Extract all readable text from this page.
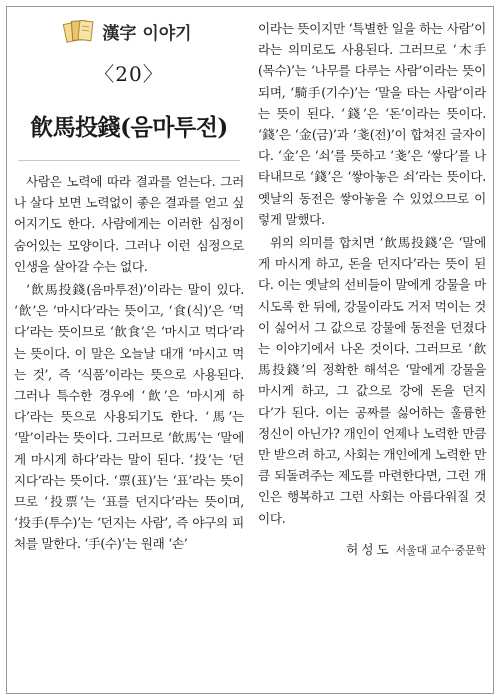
漢字 이야기
〈20〉
飮馬投錢(음마투전)

사람은 노력에 따라 결과를 얻는다. 그러나 살다 보면 노력없이 좋은 결과를 얻고 싶어지기도 한다. 사람에게는 이러한 심정이 숨어있는 모양이다. 그러나 이런 심정으로 인생을 살아갈 수는 없다.

‘飮馬投錢(음마투전)’이라는 말이 있다. ‘飮’은 ‘마시다’라는 뜻이고, ‘食(식)’은 ‘먹다’라는 뜻이므로 ‘飮食’은 ‘마시고 먹다’라는 뜻이다. 이 말은 오늘날 대개 ‘마시고 먹는 것’, 즉 ‘식품’이라는 뜻으로 사용된다. 그러나 특수한 경우에 ‘飮’은 ‘마시게 하다’라는 뜻으로 사용되기도 한다. ‘馬’는 ‘말’이라는 뜻이다. 그러므로 ‘飮馬’는 ‘말에게 마시게 하다’라는 말이 된다. ‘投’는 ‘던지다’라는 뜻이다. ‘票(표)’는 ‘표’라는 뜻이므로 ‘投票’는 ‘표를 던지다’라는 뜻이며, ‘投手(투수)’는 ‘던지는 사람’, 즉 야구의 피처를 말한다. ‘手(수)’는 원래 ‘손’

이라는 뜻이지만 ‘특별한 일을 하는 사람’이라는 의미로도 사용된다. 그러므로 ‘木手(목수)’는 ‘나무를 다루는 사람’이라는 뜻이 되며, ‘騎手(기수)’는 ‘말을 타는 사람’이라는 뜻이 된다. ‘錢’은 ‘돈’이라는 뜻이다. ‘錢’은 ‘金(금)’과 ‘戔(전)’이 합쳐진 글자이다. ‘金’은 ‘쇠’를 뜻하고 ‘戔’은 ‘쌓다’를 나타내므로 ‘錢’은 ‘쌓아놓은 쇠’라는 뜻이다. 옛날의 동전은 쌓아놓을 수 있었으므로 이렇게 말했다.

위의 의미를 합치면 ‘飮馬投錢’은 ‘말에게 마시게 하고, 돈을 던지다’라는 뜻이 된다. 이는 옛날의 선비들이 말에게 강물을 마시도록 한 뒤에, 강물이라도 거저 먹이는 것이 싫어서 그 값으로 강물에 동전을 던졌다는 이야기에서 나온 것이다. 그러므로 ‘飮馬投錢’의 정확한 해석은 ‘말에게 강물을 마시게 하고, 그 값으로 강에 돈을 던지다’가 된다. 이는 공짜를 싫어하는 훌륭한 정신이 아닌가? 개인이 언제나 노력한 만큼만 받으려 하고, 사회는 개인에게 노력한 만큼 되돌려주는 제도를 마련한다면, 그런 개인은 행복하고 그런 사회는 아름다워질 것이다.

허성도 서울대 교수·중문학
